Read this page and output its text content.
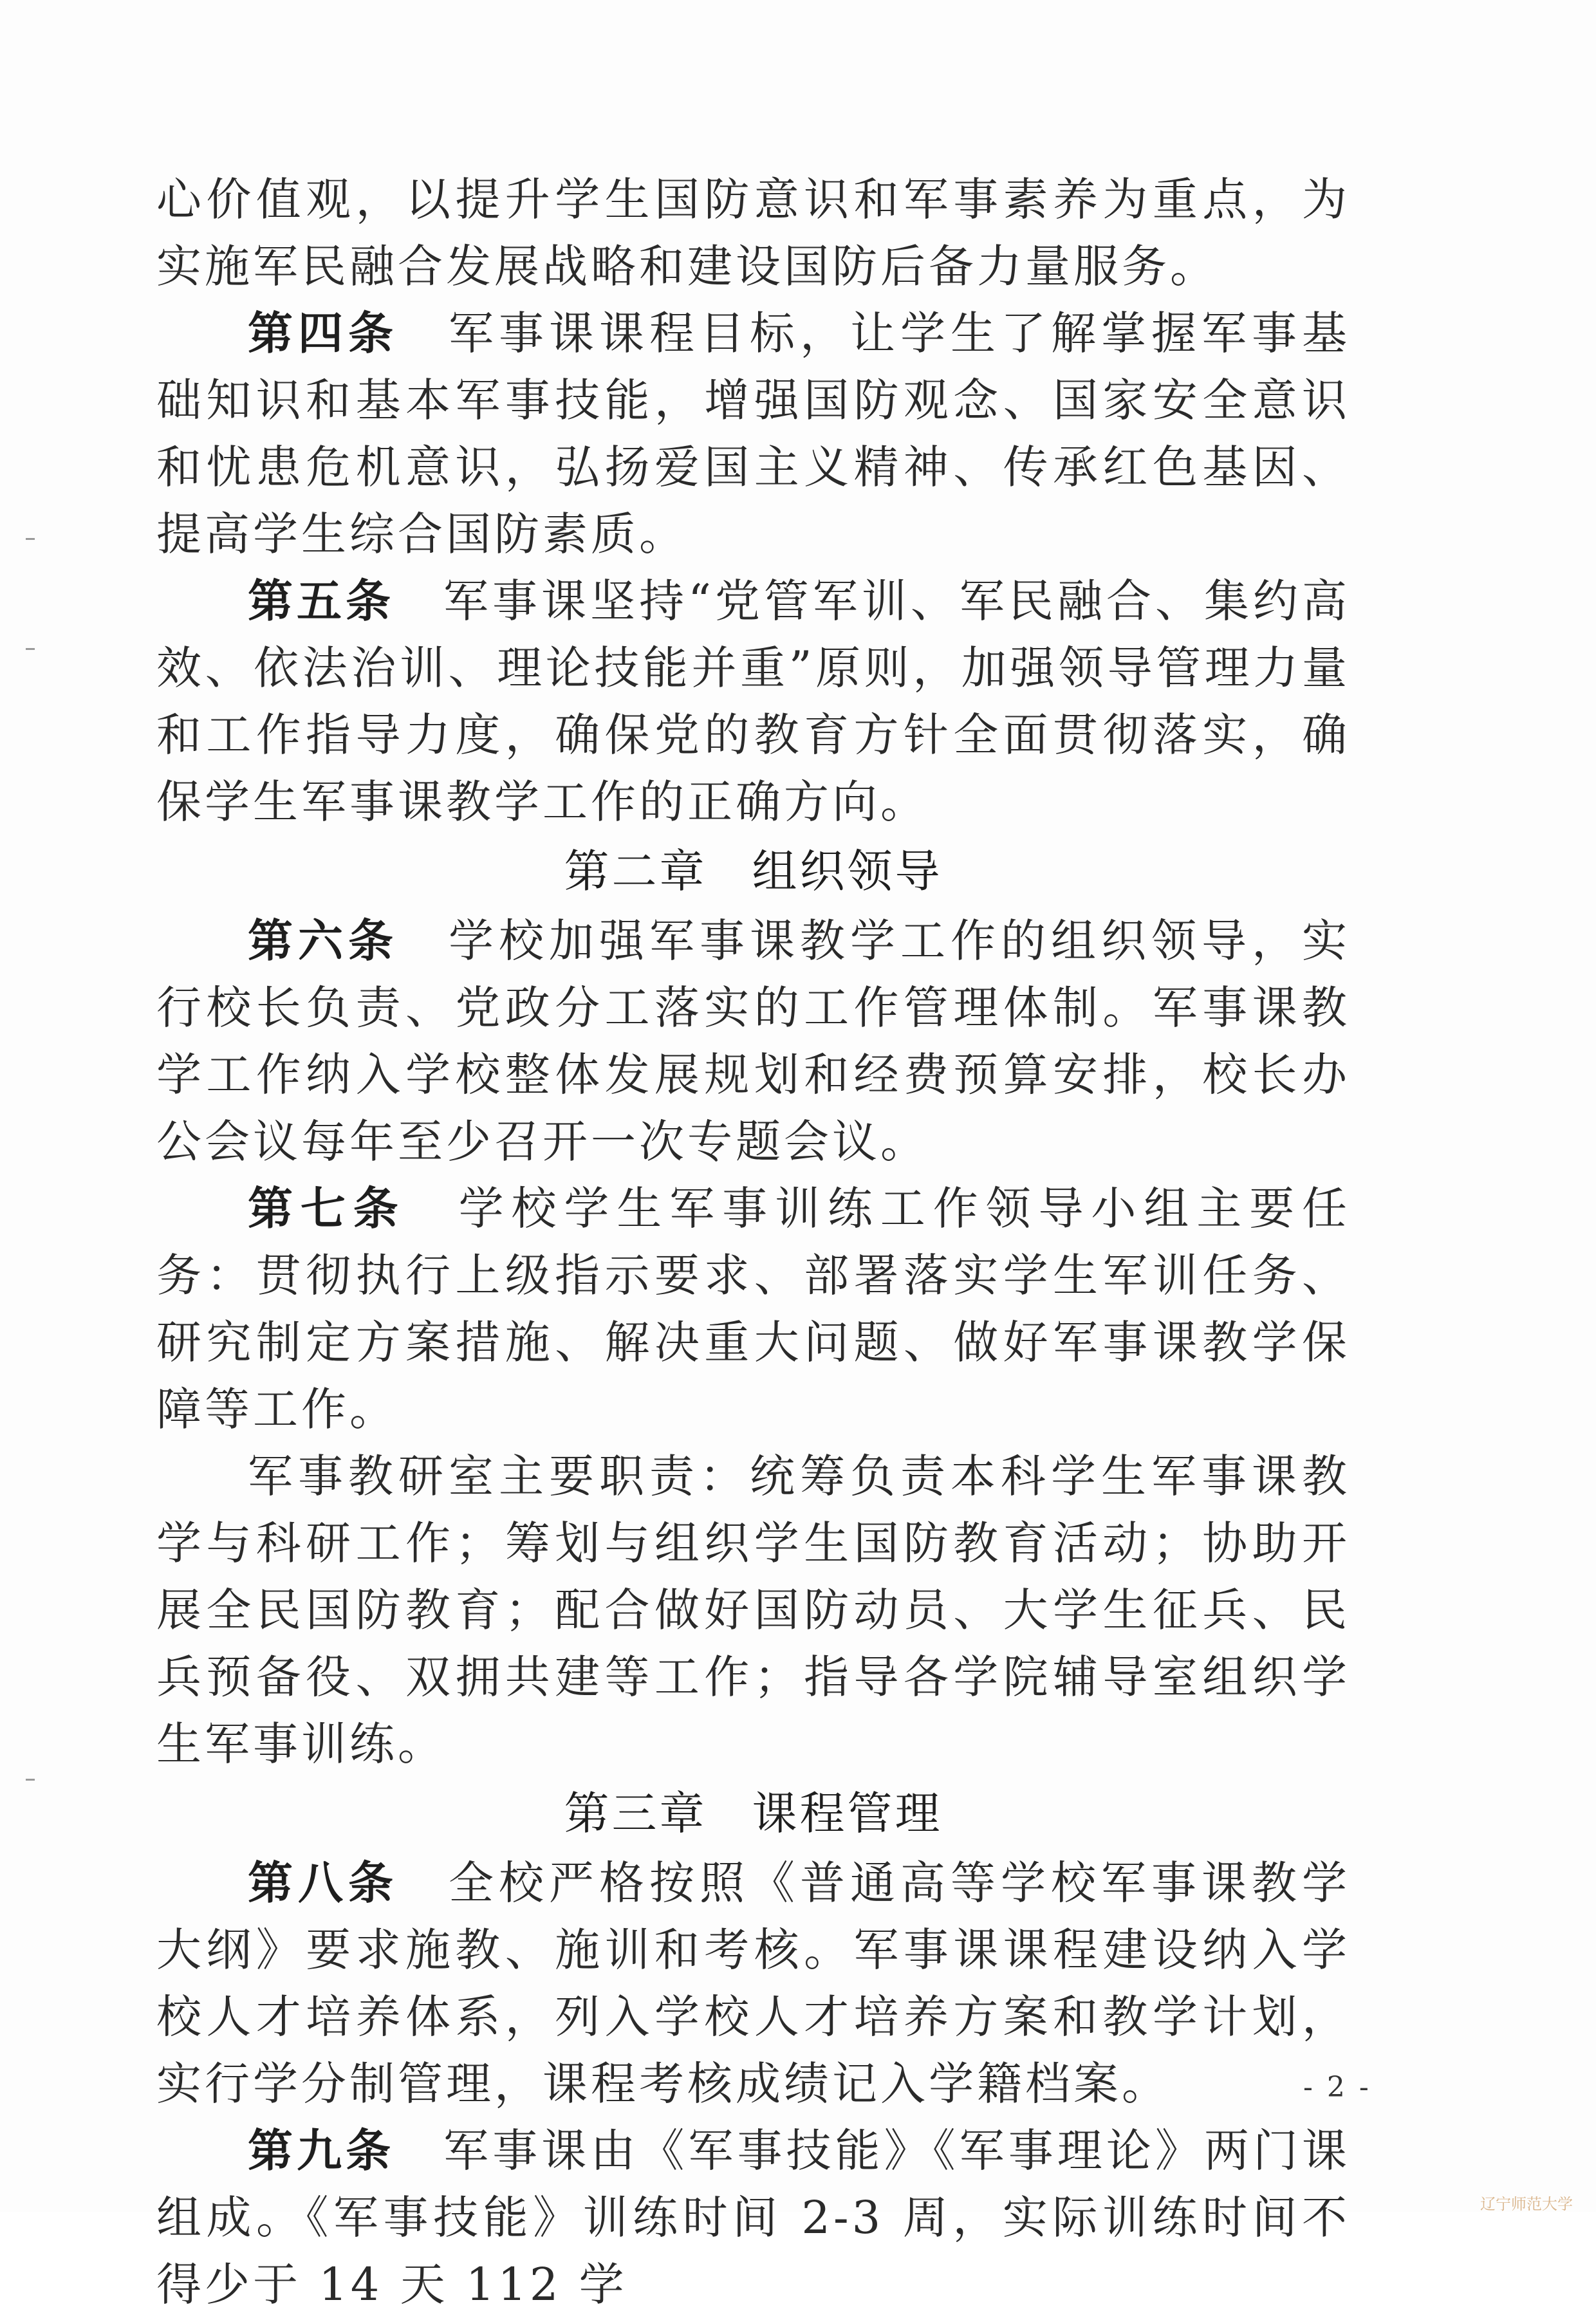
心价值观，以提升学生国防意识和军事素养为重点，为实施军民融合发展战略和建设国防后备力量服务。

第四条  军事课课程目标，让学生了解掌握军事基础知识和基本军事技能，增强国防观念、国家安全意识和忧患危机意识，弘扬爱国主义精神、传承红色基因、提高学生综合国防素质。

第五条  军事课坚持“党管军训、军民融合、集约高效、依法治训、理论技能并重”原则，加强领导管理力量和工作指导力度，确保党的教育方针全面贯彻落实，确保学生军事课教学工作的正确方向。

第二章 组织领导

第六条  学校加强军事课教学工作的组织领导，实行校长负责、党政分工落实的工作管理体制。军事课教学工作纳入学校整体发展规划和经费预算安排，校长办公会议每年至少召开一次专题会议。

第七条  学校学生军事训练工作领导小组主要任务：贯彻执行上级指示要求、部署落实学生军训任务、研究制定方案措施、解决重大问题、做好军事课教学保障等工作。

军事教研室主要职责：统筹负责本科学生军事课教学与科研工作；筹划与组织学生国防教育活动；协助开展全民国防教育；配合做好国防动员、大学生征兵、民兵预备役、双拥共建等工作；指导各学院辅导室组织学生军事训练。

第三章 课程管理

第八条  全校严格按照《普通高等学校军事课教学大纲》要求施教、施训和考核。军事课课程建设纳入学校人才培养体系，列入学校人才培养方案和教学计划，实行学分制管理，课程考核成绩记入学籍档案。

第九条  军事课由《军事技能》《军事理论》两门课组成。《军事技能》训练时间 2-3 周，实际训练时间不得少于 14 天 112 学

- 2 -
辽宁师范大学
